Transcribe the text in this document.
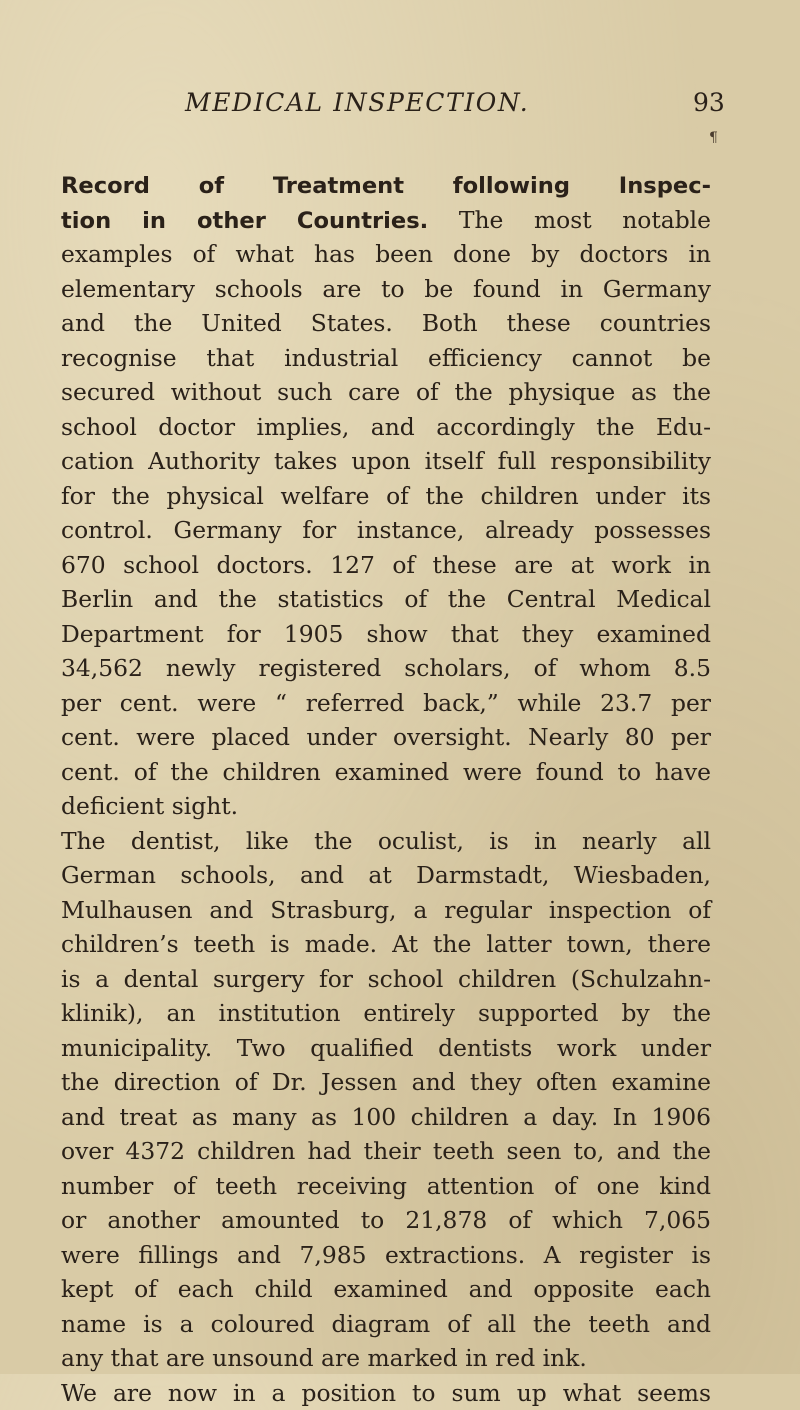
MEDICAL INSPECTION.	93
¶
Record of Treatment following Inspec-
tion in other Countries. The most notable
examples of what has been done by doctors in
elementary schools are to be found in Germany
and the United States. Both these countries
recognise that industrial efficiency cannot be
secured without such care of the physique as the
school doctor implies, and accordingly the Edu-
cation Authority takes upon itself full responsibility
for the physical welfare of the children under its
control. Germany for instance, already possesses
670 school doctors. 127 of these are at work in
Berlin and the statistics of the Central Medical
Department for 1905 show that they examined
34,562 newly registered scholars, of whom 8.5
per cent. were “ referred back,” while 23.7 per
cent. were placed under oversight. Nearly 80 per
cent. of the children examined were found to have
deficient sight.
The dentist, like the oculist, is in nearly all
German schools, and at Darmstadt, Wiesbaden,
Mulhausen and Strasburg, a regular inspection of
children’s teeth is made. At the latter town, there
is a dental surgery for school children (Schulzahn-
klinik), an institution entirely supported by the
municipality. Two qualified dentists work under
the direction of Dr. Jessen and they often examine
and treat as many as 100 children a day. In 1906
over 4372 children had their teeth seen to, and the
number of teeth receiving attention of one kind
or another amounted to 21,878 of which 7,065
were fillings and 7,985 extractions. A register is
kept of each child examined and opposite each
name is a coloured diagram of all the teeth and
any that are unsound are marked in red ink.
We are now in a position to sum up what seems
